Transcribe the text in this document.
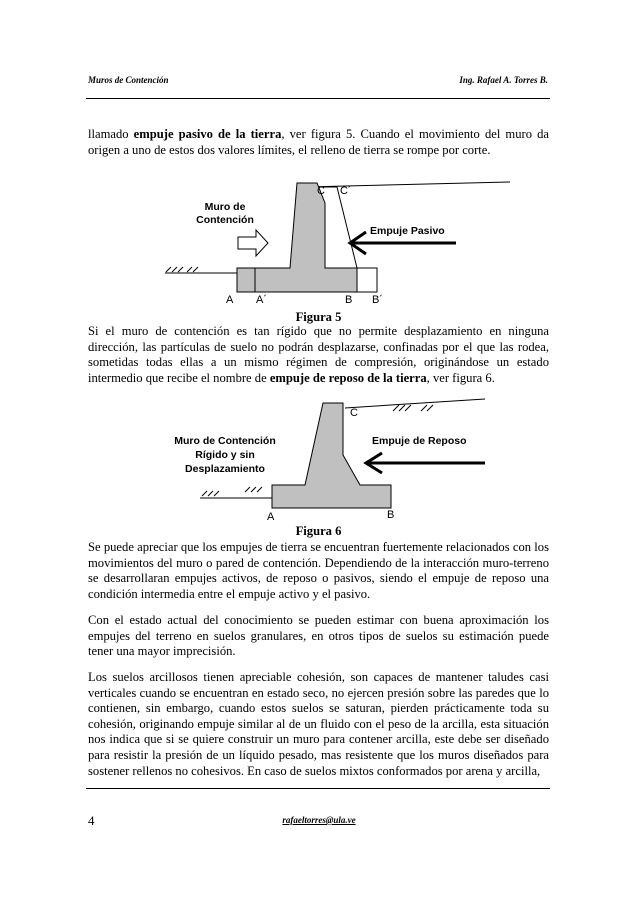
Muros de Contención	Ing. Rafael A. Torres B.

llamado empuje pasivo de la tierra, ver figura 5. Cuando el movimiento del muro da origen a uno de estos dos valores límites, el relleno de tierra se rompe por corte.

Muro de
Contención
Empuje Pasivo
C C´
A A´	B B´
Figura 5

Si el muro de contención es tan rígido que no permite desplazamiento en ninguna dirección, las partículas de suelo no podrán desplazarse, confinadas por el que las rodea, sometidas todas ellas a un mismo régimen de compresión, originándose un estado intermedio que recibe el nombre de empuje de reposo de la tierra, ver figura 6.

Muro de Contención
Rígido y sin
Desplazamiento
Empuje de Reposo
C
A	B
Figura 6

Se puede apreciar que los empujes de tierra se encuentran fuertemente relacionados con los movimientos del muro o pared de contención. Dependiendo de la interacción muro-terreno se desarrollaran empujes activos, de reposo o pasivos, siendo el empuje de reposo una condición intermedia entre el empuje activo y el pasivo.

Con el estado actual del conocimiento se pueden estimar con buena aproximación los empujes del terreno en suelos granulares, en otros tipos de suelos su estimación puede tener una mayor imprecisión.

Los suelos arcillosos tienen apreciable cohesión, son capaces de mantener taludes casi verticales cuando se encuentran en estado seco, no ejercen presión sobre las paredes que lo contienen, sin embargo, cuando estos suelos se saturan, pierden prácticamente toda su cohesión, originando empuje similar al de un fluido con el peso de la arcilla, esta situación nos indica que si se quiere construir un muro para contener arcilla, este debe ser diseñado para resistir la presión de un líquido pesado, mas resistente que los muros diseñados para sostener rellenos no cohesivos. En caso de suelos mixtos conformados por arena y arcilla,

4	rafaeltorres@ula.ve
